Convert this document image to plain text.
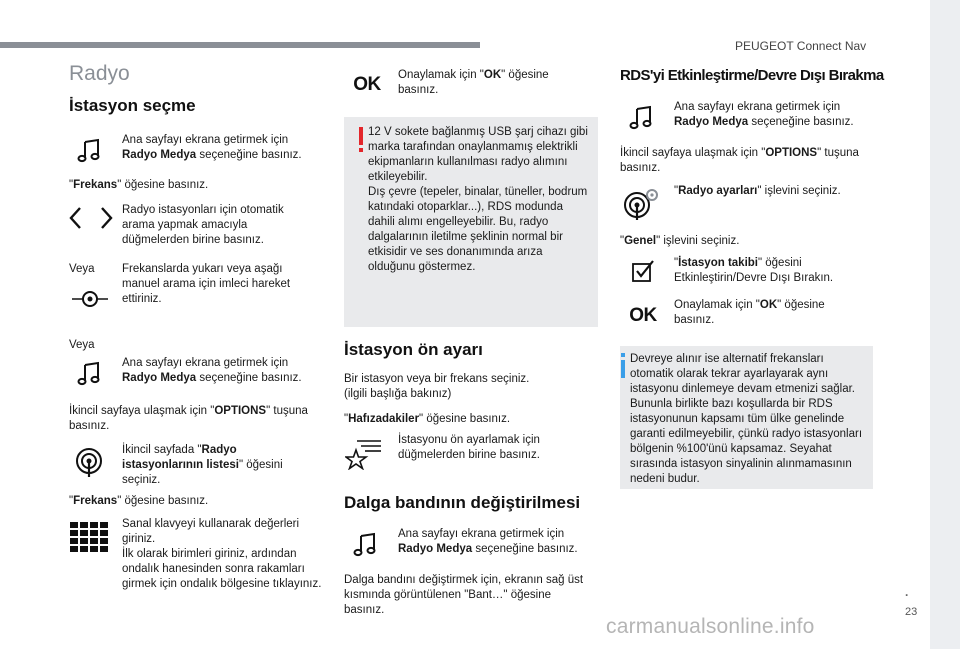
PEUGEOT Connect Nav
.
23
carmanualsonline.info
Radyo
İstasyon seçme
Ana sayfayı ekrana getirmek için Radyo Medya seçeneğine basınız.
"Frekans" öğesine basınız.
Radyo istasyonları için otomatik arama yapmak amacıyla düğmelerden birine basınız.
Veya Frekanslarda yukarı veya aşağı manuel arama için imleci hareket ettiriniz.
Veya
Ana sayfayı ekrana getirmek için Radyo Medya seçeneğine basınız.
İkincil sayfaya ulaşmak için "OPTIONS" tuşuna basınız.
İkincil sayfada "Radyo istasyonlarının listesi" öğesini seçiniz.
"Frekans" öğesine basınız.
Sanal klavyeyi kullanarak değerleri giriniz.
İlk olarak birimleri giriniz, ardından ondalık hanesinden sonra rakamları girmek için ondalık bölgesine tıklayınız.
OK Onaylamak için "OK" öğesine basınız.
12 V sokete bağlanmış USB şarj cihazı gibi marka tarafından onaylanmamış elektrikli ekipmanların kullanılması radyo alımını etkileyebilir.
Dış çevre (tepeler, binalar, tüneller, bodrum katındaki otoparklar...), RDS modunda dahili alımı engelleyebilir. Bu, radyo dalgalarının iletilme şeklinin normal bir etkisidir ve ses donanımında arıza olduğunu göstermez.
İstasyon ön ayarı
Bir istasyon veya bir frekans seçiniz.
(ilgili başlığa bakınız)
"Hafızadakiler" öğesine basınız.
İstasyonu ön ayarlamak için düğmelerden birine basınız.
Dalga bandının değiştirilmesi
Ana sayfayı ekrana getirmek için Radyo Medya seçeneğine basınız.
Dalga bandını değiştirmek için, ekranın sağ üst kısmında görüntülenen "Bant…" öğesine basınız.
RDS'yi Etkinleştirme/Devre Dışı Bırakma
Ana sayfayı ekrana getirmek için Radyo Medya seçeneğine basınız.
İkincil sayfaya ulaşmak için "OPTIONS" tuşuna basınız.
"Radyo ayarları" işlevini seçiniz.
"Genel" işlevini seçiniz.
"İstasyon takibi" öğesini Etkinleştirin/Devre Dışı Bırakın.
OK Onaylamak için "OK" öğesine basınız.
Devreye alınır ise alternatif frekansları otomatik olarak tekrar ayarlayarak aynı istasyonu dinlemeye devam etmenizi sağlar. Bununla birlikte bazı koşullarda bir RDS istasyonunun kapsamı tüm ülke genelinde garanti edilmeyebilir, çünkü radyo istasyonları bölgenin %100'ünü kapsamaz. Seyahat sırasında istasyon sinyalinin alınmamasının nedeni budur.
